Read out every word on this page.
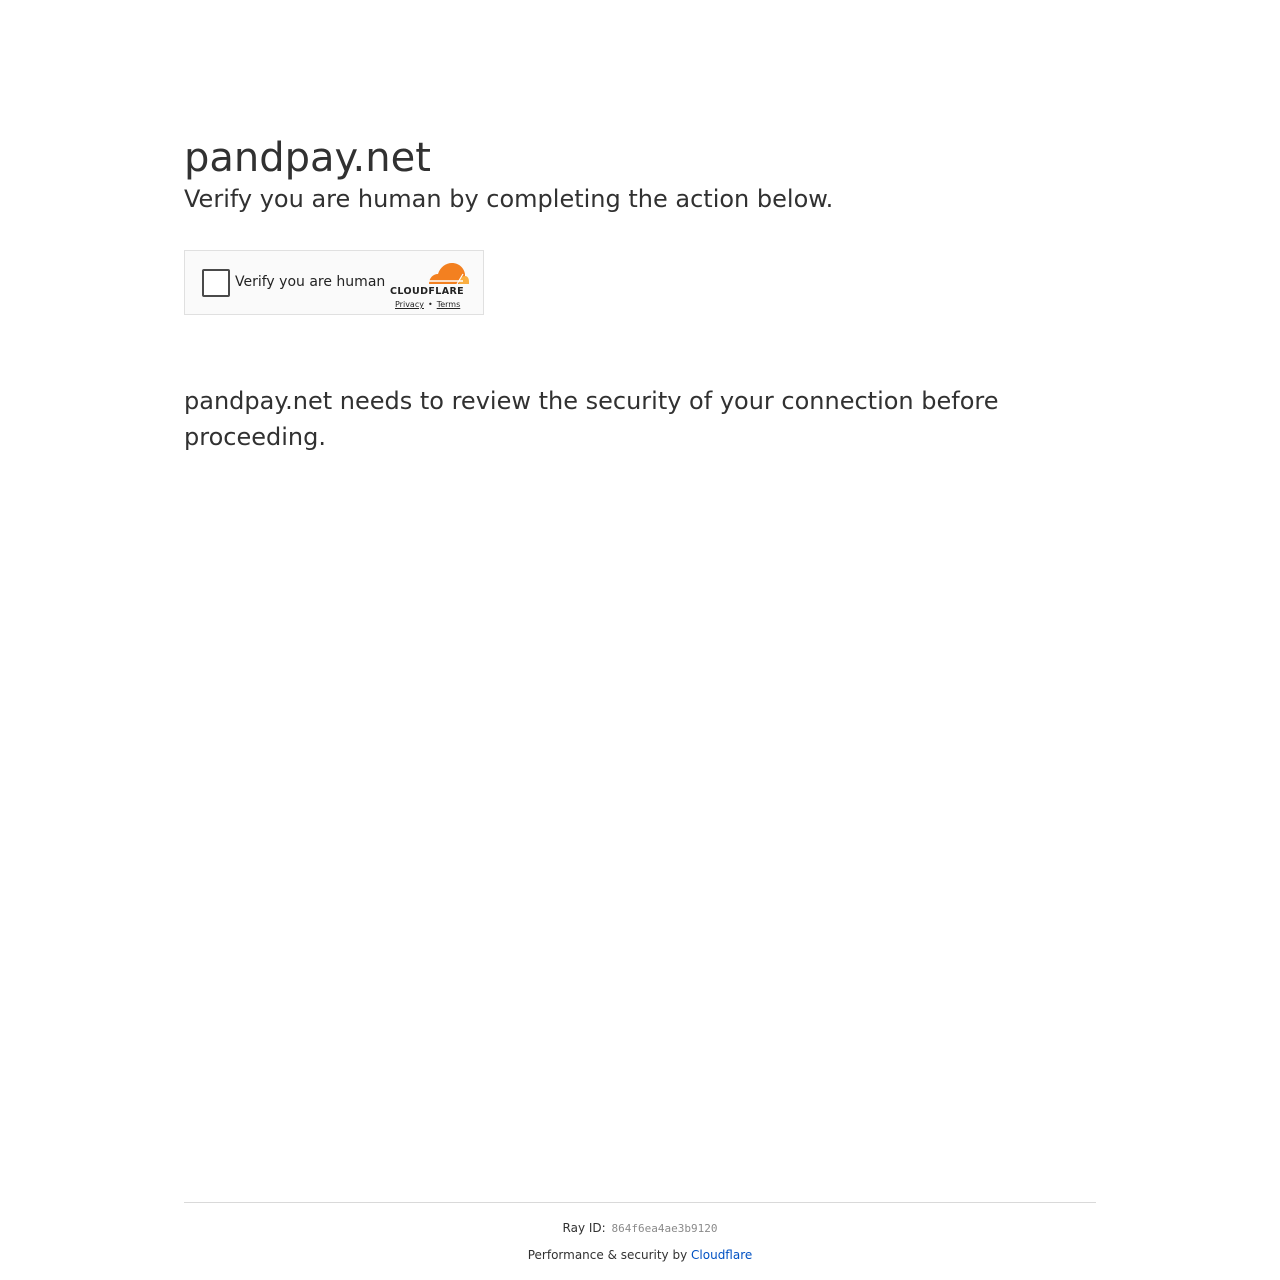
pandpay.net
Verify you are human by completing the action below.
Verify you are human
CLOUDFLARE
Privacy • Terms
pandpay.net needs to review the security of your connection before proceeding.
Ray ID: 864f6ea4ae3b9120
Performance & security by Cloudflare
